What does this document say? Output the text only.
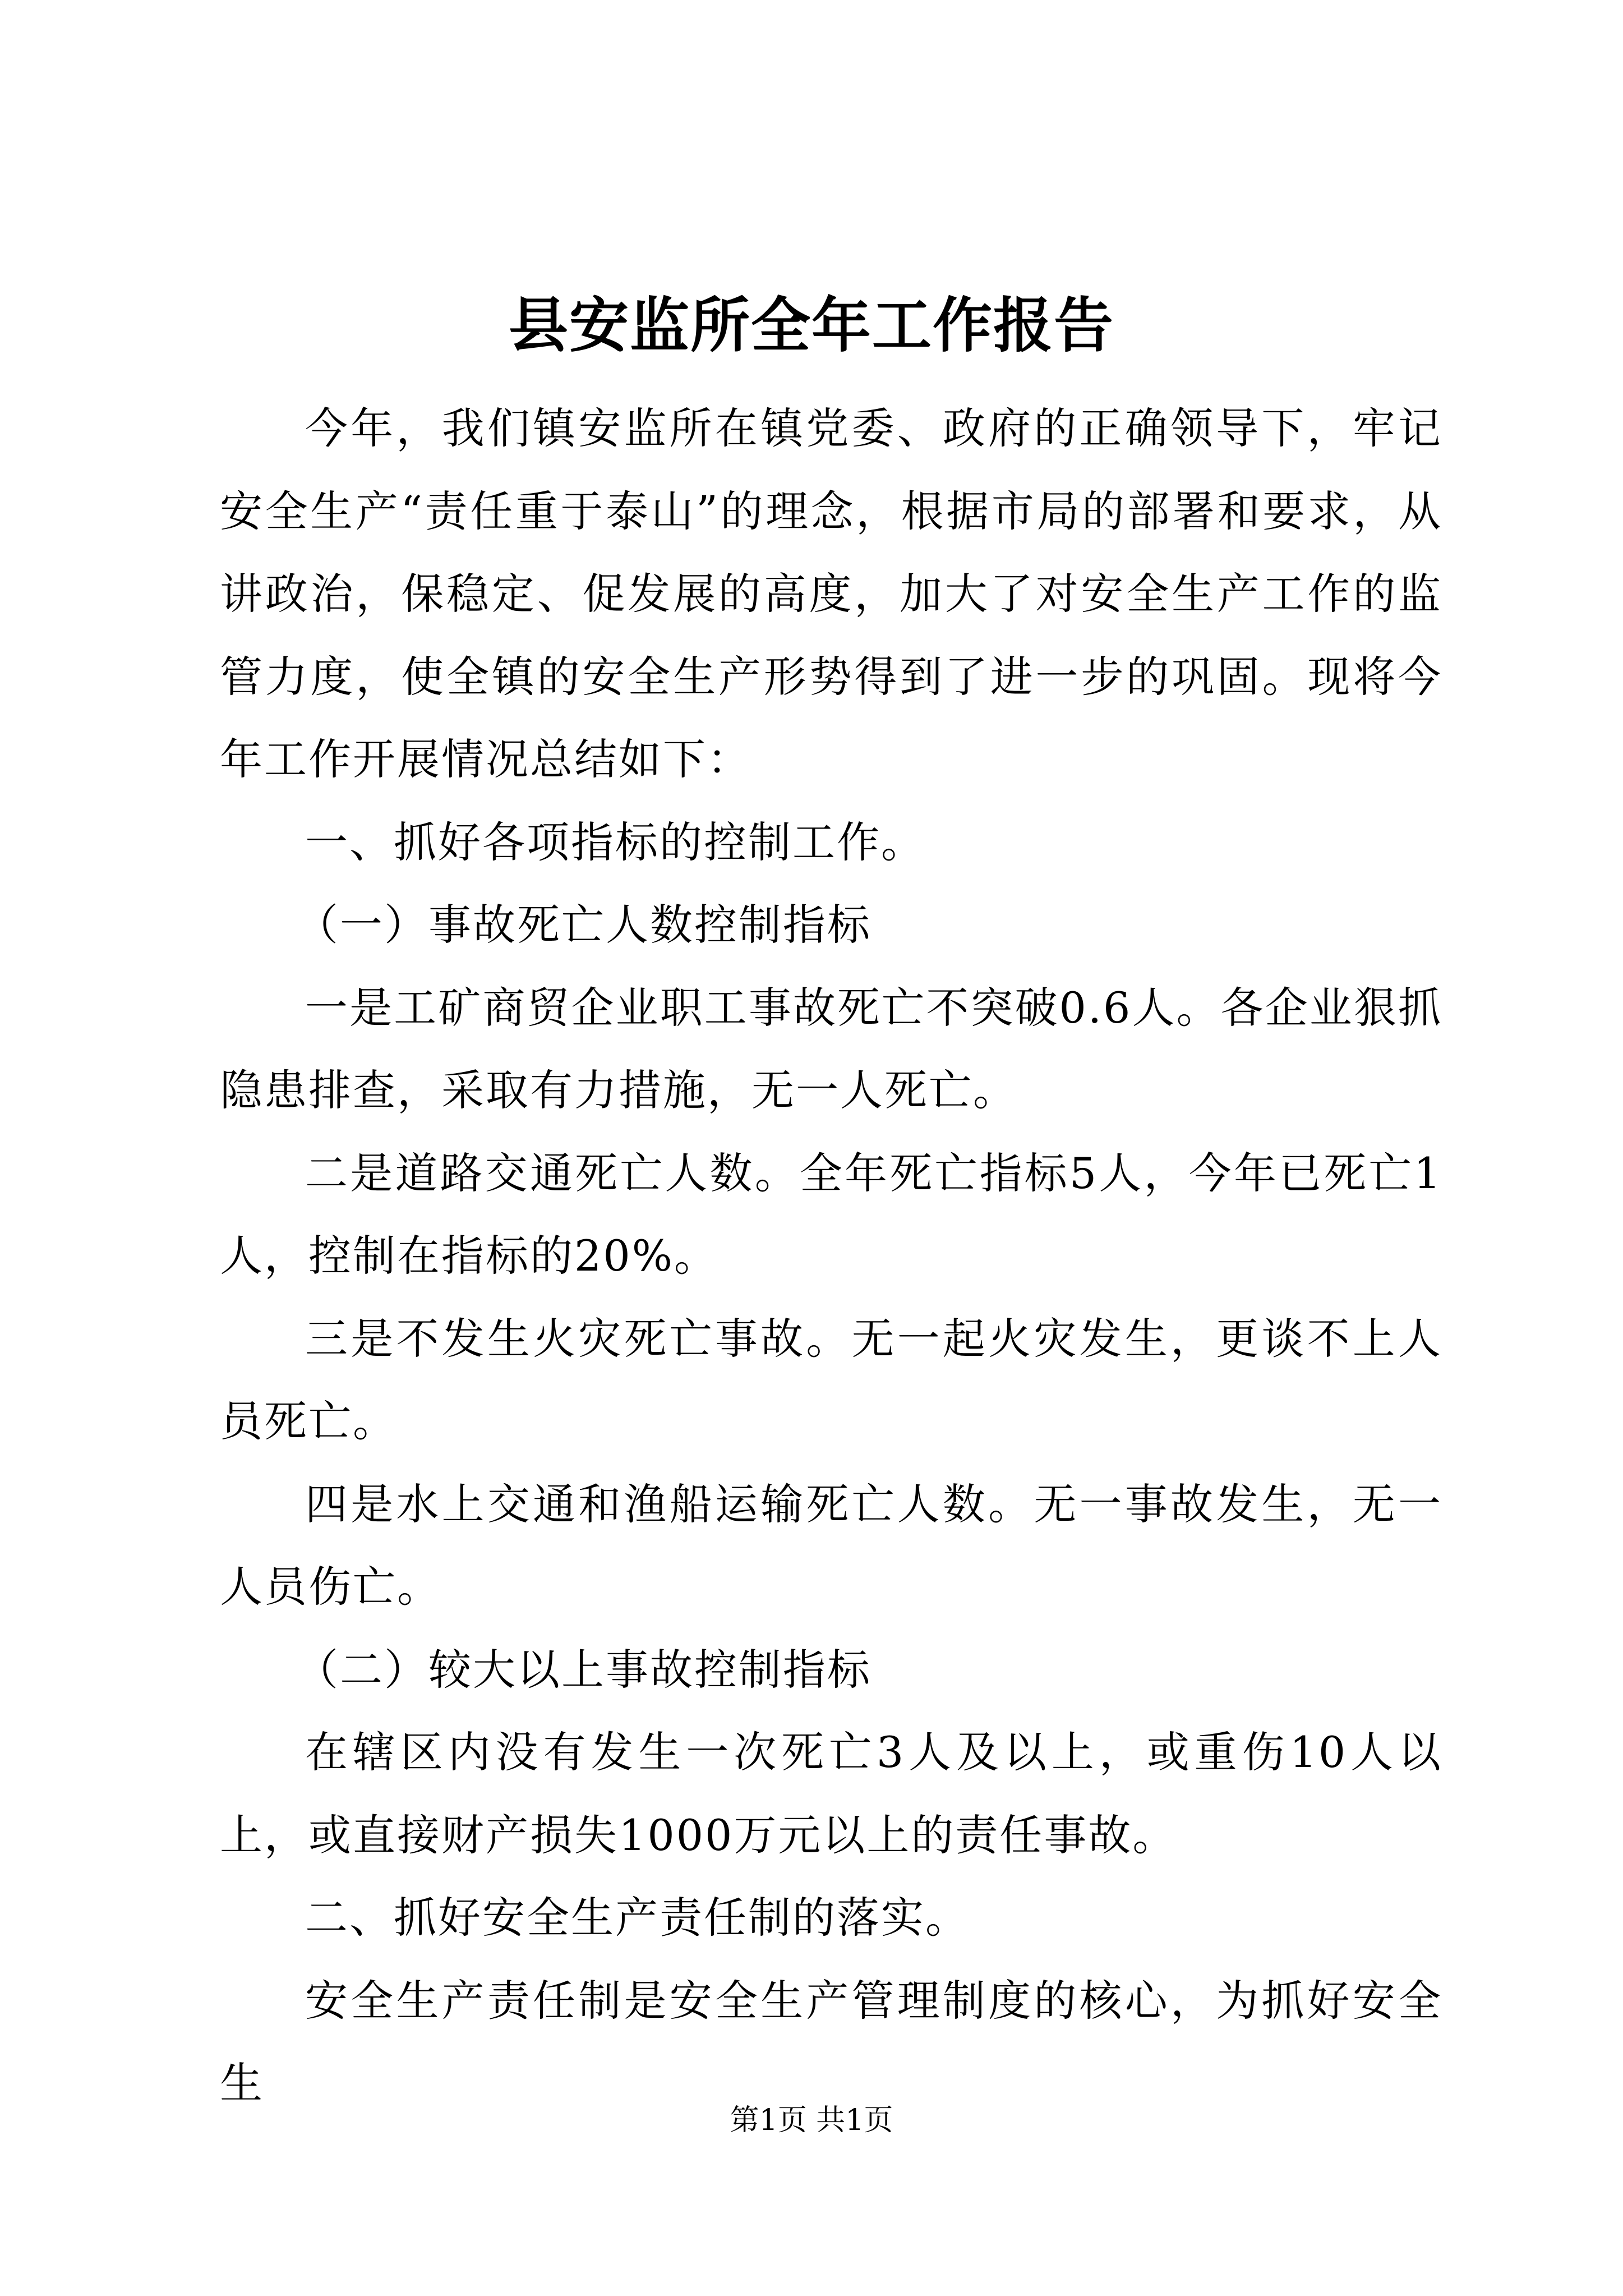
县安监所全年工作报告

今年，我们镇安监所在镇党委、政府的正确领导下，牢记安全生产“责任重于泰山”的理念，根据市局的部署和要求，从讲政治，保稳定、促发展的高度，加大了对安全生产工作的监管力度，使全镇的安全生产形势得到了进一步的巩固。现将今年工作开展情况总结如下：

一、抓好各项指标的控制工作。

（一）事故死亡人数控制指标

一是工矿商贸企业职工事故死亡不突破0.6人。各企业狠抓隐患排查，采取有力措施，无一人死亡。

二是道路交通死亡人数。全年死亡指标5人，今年已死亡1人，控制在指标的20%。

三是不发生火灾死亡事故。无一起火灾发生，更谈不上人员死亡。

四是水上交通和渔船运输死亡人数。无一事故发生，无一人员伤亡。

（二）较大以上事故控制指标

在辖区内没有发生一次死亡3人及以上，或重伤10人以上，或直接财产损失1000万元以上的责任事故。

二、抓好安全生产责任制的落实。

安全生产责任制是安全生产管理制度的核心，为抓好安全生

第1页 共1页
